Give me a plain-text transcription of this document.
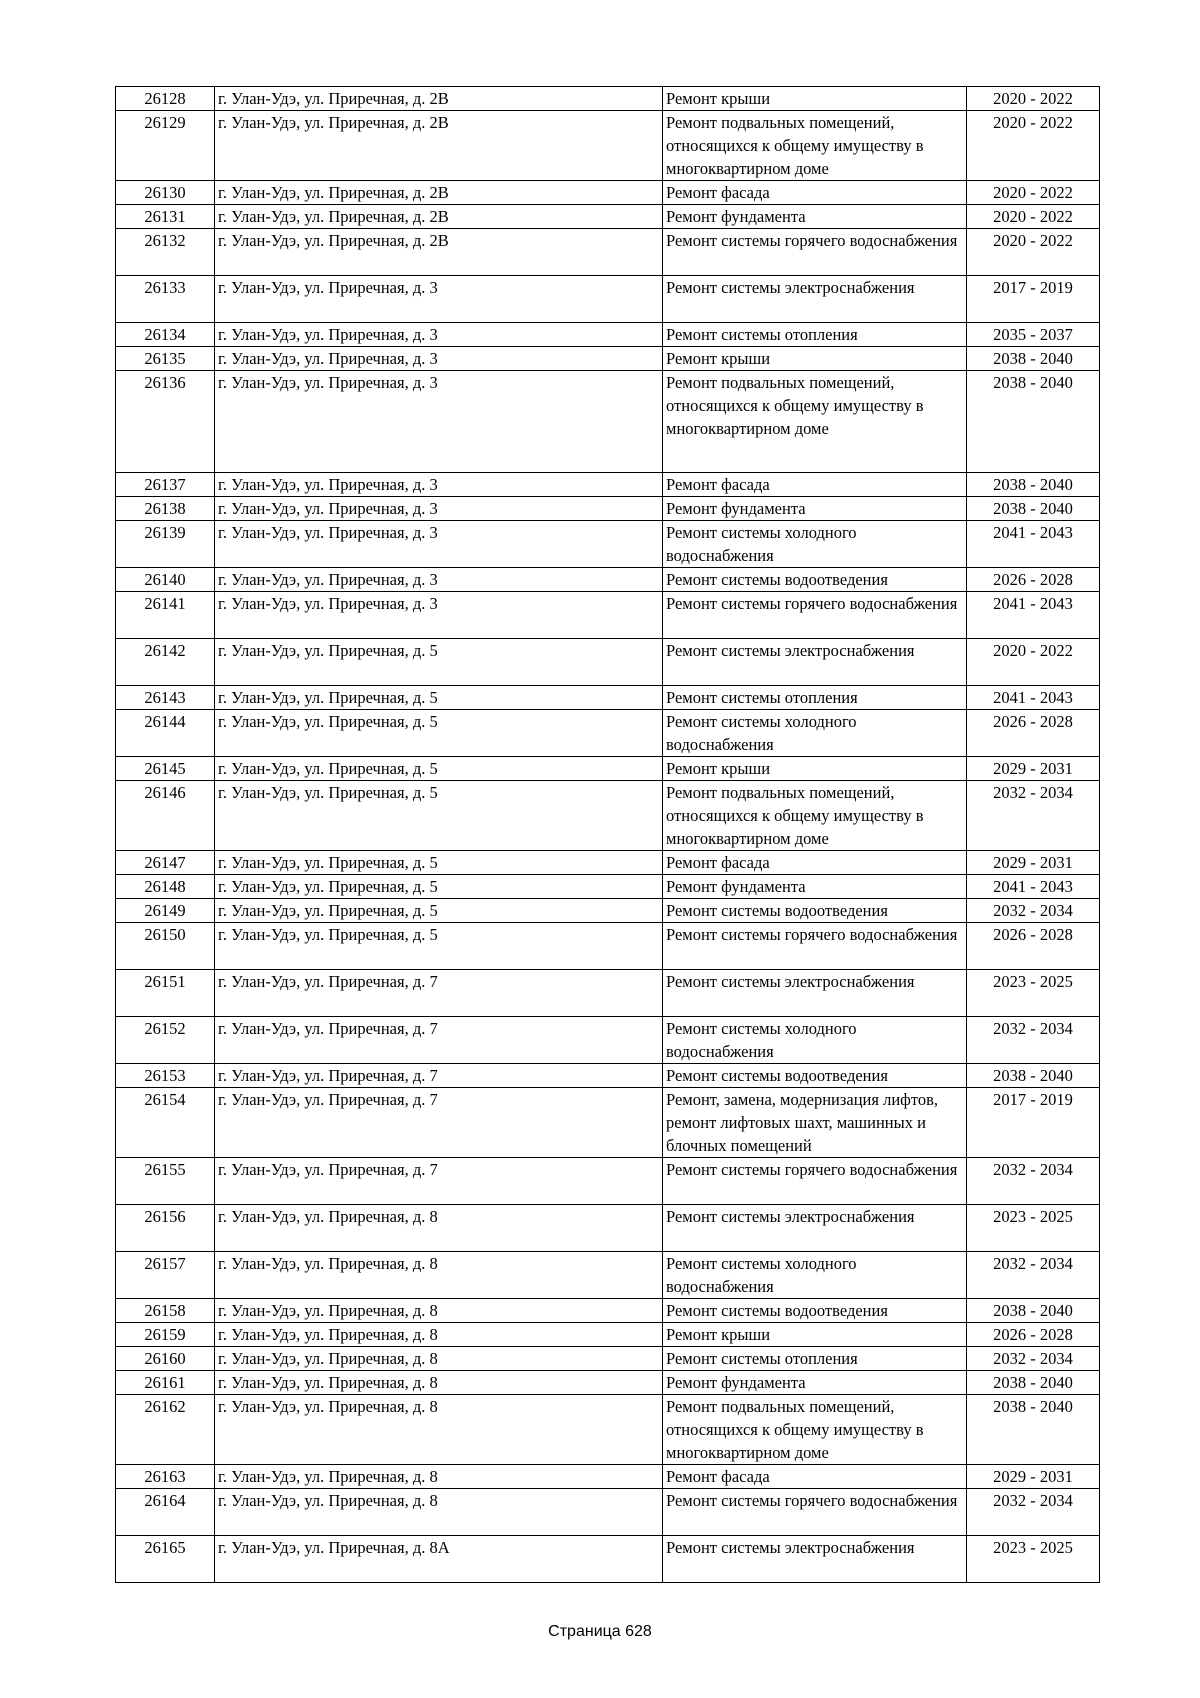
26128	г. Улан-Удэ, ул. Приречная, д. 2В	Ремонт крыши	2020 - 2022
26129	г. Улан-Удэ, ул. Приречная, д. 2В	Ремонт подвальных помещений, относящихся к общему имуществу в многоквартирном доме	2020 - 2022
26130	г. Улан-Удэ, ул. Приречная, д. 2В	Ремонт фасада	2020 - 2022
26131	г. Улан-Удэ, ул. Приречная, д. 2В	Ремонт фундамента	2020 - 2022
26132	г. Улан-Удэ, ул. Приречная, д. 2В	Ремонт системы горячего водоснабжения	2020 - 2022
26133	г. Улан-Удэ, ул. Приречная, д. 3	Ремонт системы электроснабжения	2017 - 2019
26134	г. Улан-Удэ, ул. Приречная, д. 3	Ремонт системы отопления	2035 - 2037
26135	г. Улан-Удэ, ул. Приречная, д. 3	Ремонт крыши	2038 - 2040
26136	г. Улан-Удэ, ул. Приречная, д. 3	Ремонт подвальных помещений, относящихся к общему имуществу в многоквартирном доме	2038 - 2040
26137	г. Улан-Удэ, ул. Приречная, д. 3	Ремонт фасада	2038 - 2040
26138	г. Улан-Удэ, ул. Приречная, д. 3	Ремонт фундамента	2038 - 2040
26139	г. Улан-Удэ, ул. Приречная, д. 3	Ремонт системы холодного водоснабжения	2041 - 2043
26140	г. Улан-Удэ, ул. Приречная, д. 3	Ремонт системы водоотведения	2026 - 2028
26141	г. Улан-Удэ, ул. Приречная, д. 3	Ремонт системы горячего водоснабжения	2041 - 2043
26142	г. Улан-Удэ, ул. Приречная, д. 5	Ремонт системы электроснабжения	2020 - 2022
26143	г. Улан-Удэ, ул. Приречная, д. 5	Ремонт системы отопления	2041 - 2043
26144	г. Улан-Удэ, ул. Приречная, д. 5	Ремонт системы холодного водоснабжения	2026 - 2028
26145	г. Улан-Удэ, ул. Приречная, д. 5	Ремонт крыши	2029 - 2031
26146	г. Улан-Удэ, ул. Приречная, д. 5	Ремонт подвальных помещений, относящихся к общему имуществу в многоквартирном доме	2032 - 2034
26147	г. Улан-Удэ, ул. Приречная, д. 5	Ремонт фасада	2029 - 2031
26148	г. Улан-Удэ, ул. Приречная, д. 5	Ремонт фундамента	2041 - 2043
26149	г. Улан-Удэ, ул. Приречная, д. 5	Ремонт системы водоотведения	2032 - 2034
26150	г. Улан-Удэ, ул. Приречная, д. 5	Ремонт системы горячего водоснабжения	2026 - 2028
26151	г. Улан-Удэ, ул. Приречная, д. 7	Ремонт системы электроснабжения	2023 - 2025
26152	г. Улан-Удэ, ул. Приречная, д. 7	Ремонт системы холодного водоснабжения	2032 - 2034
26153	г. Улан-Удэ, ул. Приречная, д. 7	Ремонт системы водоотведения	2038 - 2040
26154	г. Улан-Удэ, ул. Приречная, д. 7	Ремонт, замена, модернизация лифтов, ремонт лифтовых шахт, машинных и блочных помещений	2017 - 2019
26155	г. Улан-Удэ, ул. Приречная, д. 7	Ремонт системы горячего водоснабжения	2032 - 2034
26156	г. Улан-Удэ, ул. Приречная, д. 8	Ремонт системы электроснабжения	2023 - 2025
26157	г. Улан-Удэ, ул. Приречная, д. 8	Ремонт системы холодного водоснабжения	2032 - 2034
26158	г. Улан-Удэ, ул. Приречная, д. 8	Ремонт системы водоотведения	2038 - 2040
26159	г. Улан-Удэ, ул. Приречная, д. 8	Ремонт крыши	2026 - 2028
26160	г. Улан-Удэ, ул. Приречная, д. 8	Ремонт системы отопления	2032 - 2034
26161	г. Улан-Удэ, ул. Приречная, д. 8	Ремонт фундамента	2038 - 2040
26162	г. Улан-Удэ, ул. Приречная, д. 8	Ремонт подвальных помещений, относящихся к общему имуществу в многоквартирном доме	2038 - 2040
26163	г. Улан-Удэ, ул. Приречная, д. 8	Ремонт фасада	2029 - 2031
26164	г. Улан-Удэ, ул. Приречная, д. 8	Ремонт системы горячего водоснабжения	2032 - 2034
26165	г. Улан-Удэ, ул. Приречная, д. 8А	Ремонт системы электроснабжения	2023 - 2025
Страница 628
